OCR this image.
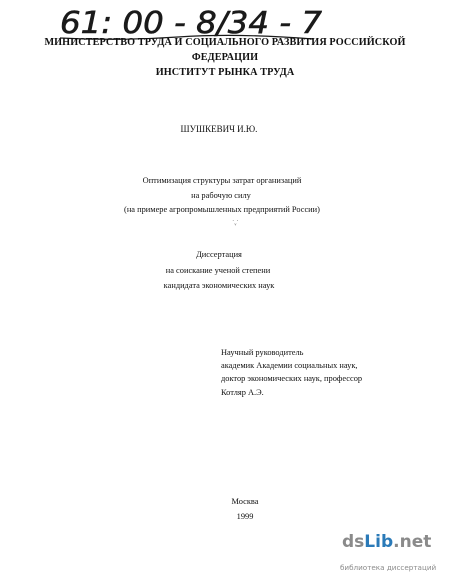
61: 00 - 8/34 - 7
МИНИСТЕРСТВО ТРУДА И СОЦИАЛЬНОГО РАЗВИТИЯ РОССИЙСКОЙ
ФЕДЕРАЦИИ
ИНСТИТУТ РЫНКА ТРУДА
ШУШКЕВИЧ И.Ю.
Оптимизация структуры затрат организаций
на рабочую силу
(на примере агропромышленных предприятий России)
˙ᵥ˙
Диссертация
на соискание ученой степени
кандидата экономических наук
Научный руководитель
академик Академии социальных наук,
доктор экономических наук, профессор
Котляр А.Э.
Москва
1999
dsLib.net
библиотека диссертаций
